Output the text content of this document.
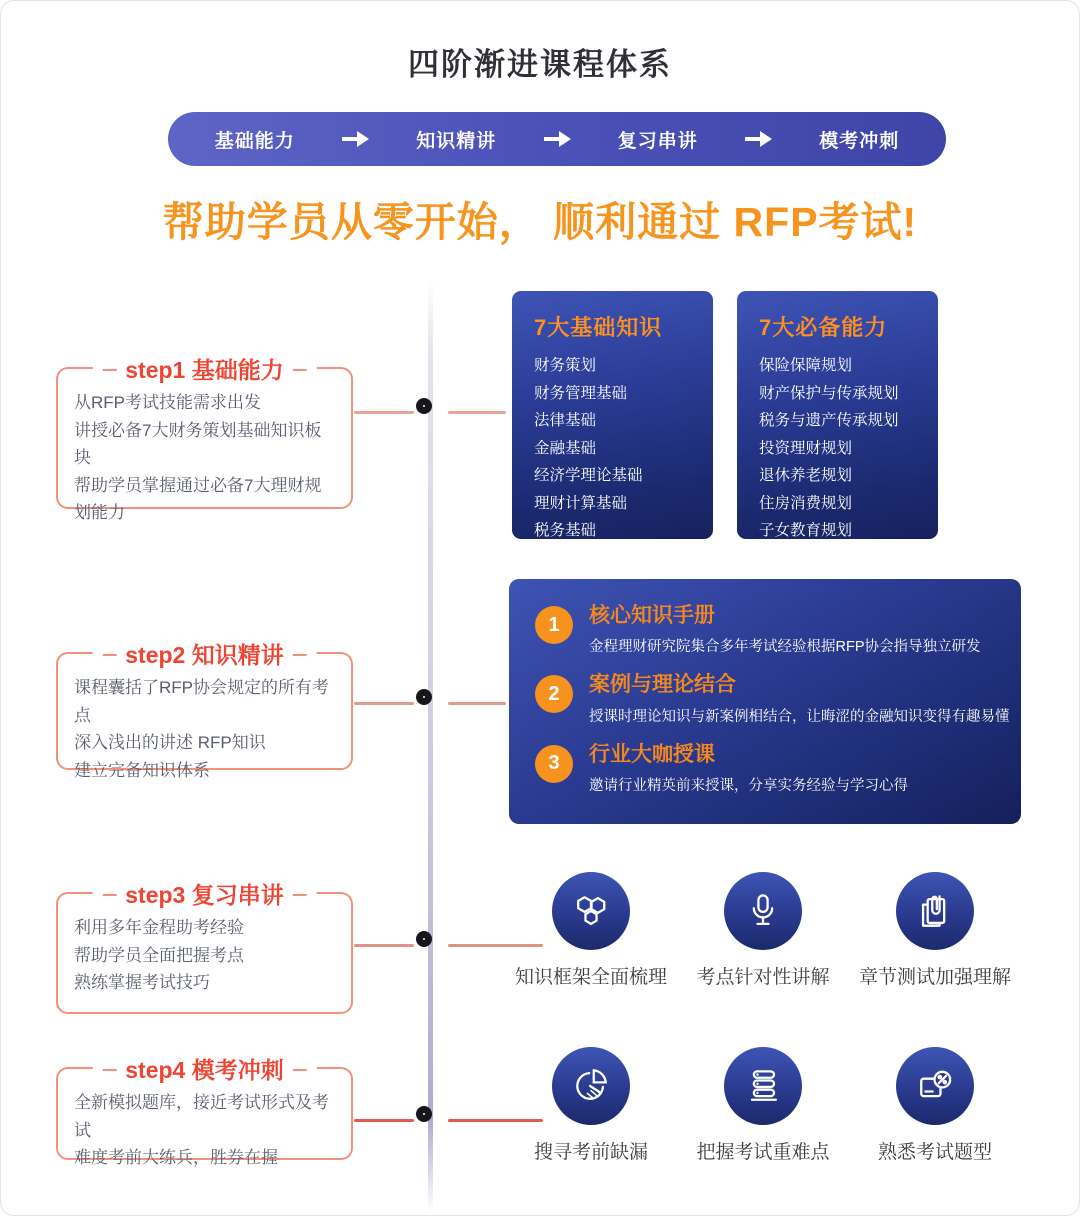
四阶渐进课程体系
基础能力	知识精讲	复习串讲	模考冲刺
帮助学员从零开始， 顺利通过 RFP考试!
step1 基础能力
从RFP考试技能需求出发
讲授必备7大财务策划基础知识板块
帮助学员掌握通过必备7大理财规划能力
step2 知识精讲
课程囊括了RFP协会规定的所有考点
深入浅出的讲述 RFP知识
建立完备知识体系
step3 复习串讲
利用多年金程助考经验
帮助学员全面把握考点
熟练掌握考试技巧
step4 模考冲刺
全新模拟题库，接近考试形式及考试
难度考前大练兵，胜券在握
7大基础知识
财务策划
财务管理基础
法律基础
金融基础
经济学理论基础
理财计算基础
税务基础
7大必备能力
保险保障规划
财产保护与传承规划
税务与遗产传承规划
投资理财规划
退休养老规划
住房消费规划
子女教育规划
1	核心知识手册
金程理财研究院集合多年考试经验根据RFP协会指导独立研发
2	案例与理论结合
授课时理论知识与新案例相结合，让晦涩的金融知识变得有趣易懂
3	行业大咖授课
邀请行业精英前来授课，分享实务经验与学习心得
知识框架全面梳理	考点针对性讲解	章节测试加强理解
搜寻考前缺漏	把握考试重难点	熟悉考试题型
